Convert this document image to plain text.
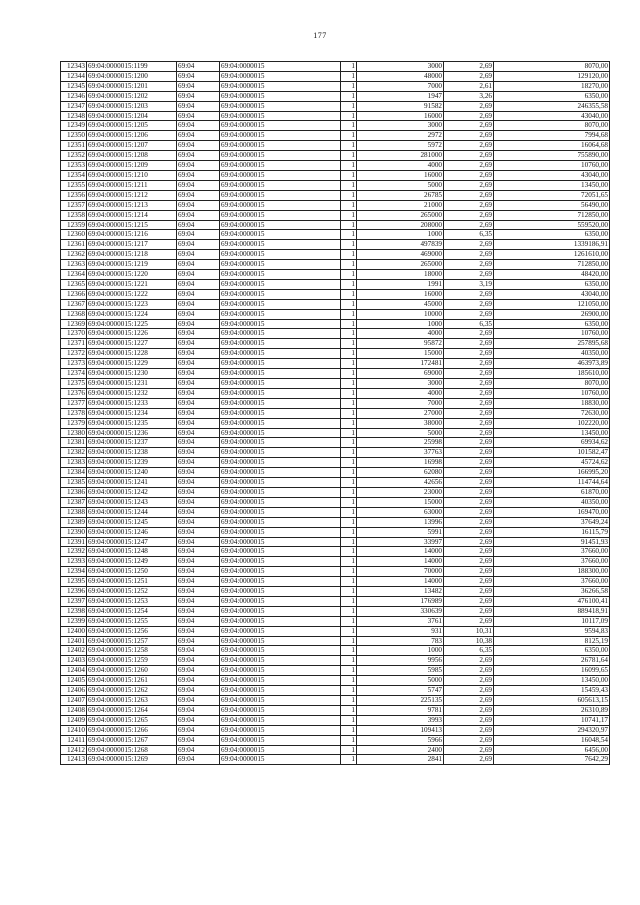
177
12343	69:04:0000015:1199	69:04	69:04:0000015	1	3000	2,69	8070,00
12344	69:04:0000015:1200	69:04	69:04:0000015	1	48000	2,69	129120,00
12345	69:04:0000015:1201	69:04	69:04:0000015	1	7000	2,61	18270,00
12346	69:04:0000015:1202	69:04	69:04:0000015	1	1947	3,26	6350,00
12347	69:04:0000015:1203	69:04	69:04:0000015	1	91582	2,69	246355,58
12348	69:04:0000015:1204	69:04	69:04:0000015	1	16000	2,69	43040,00
12349	69:04:0000015:1205	69:04	69:04:0000015	1	3000	2,69	8070,00
12350	69:04:0000015:1206	69:04	69:04:0000015	1	2972	2,69	7994,68
12351	69:04:0000015:1207	69:04	69:04:0000015	1	5972	2,69	16064,68
12352	69:04:0000015:1208	69:04	69:04:0000015	1	281000	2,69	755890,00
12353	69:04:0000015:1209	69:04	69:04:0000015	1	4000	2,69	10760,00
12354	69:04:0000015:1210	69:04	69:04:0000015	1	16000	2,69	43040,00
12355	69:04:0000015:1211	69:04	69:04:0000015	1	5000	2,69	13450,00
12356	69:04:0000015:1212	69:04	69:04:0000015	1	26785	2,69	72051,65
12357	69:04:0000015:1213	69:04	69:04:0000015	1	21000	2,69	56490,00
12358	69:04:0000015:1214	69:04	69:04:0000015	1	265000	2,69	712850,00
12359	69:04:0000015:1215	69:04	69:04:0000015	1	208000	2,69	559520,00
12360	69:04:0000015:1216	69:04	69:04:0000015	1	1000	6,35	6350,00
12361	69:04:0000015:1217	69:04	69:04:0000015	1	497839	2,69	1339186,91
12362	69:04:0000015:1218	69:04	69:04:0000015	1	469000	2,69	1261610,00
12363	69:04:0000015:1219	69:04	69:04:0000015	1	265000	2,69	712850,00
12364	69:04:0000015:1220	69:04	69:04:0000015	1	18000	2,69	48420,00
12365	69:04:0000015:1221	69:04	69:04:0000015	1	1991	3,19	6350,00
12366	69:04:0000015:1222	69:04	69:04:0000015	1	16000	2,69	43040,00
12367	69:04:0000015:1223	69:04	69:04:0000015	1	45000	2,69	121050,00
12368	69:04:0000015:1224	69:04	69:04:0000015	1	10000	2,69	26900,00
12369	69:04:0000015:1225	69:04	69:04:0000015	1	1000	6,35	6350,00
12370	69:04:0000015:1226	69:04	69:04:0000015	1	4000	2,69	10760,00
12371	69:04:0000015:1227	69:04	69:04:0000015	1	95872	2,69	257895,68
12372	69:04:0000015:1228	69:04	69:04:0000015	1	15000	2,69	40350,00
12373	69:04:0000015:1229	69:04	69:04:0000015	1	172481	2,69	463973,89
12374	69:04:0000015:1230	69:04	69:04:0000015	1	69000	2,69	185610,00
12375	69:04:0000015:1231	69:04	69:04:0000015	1	3000	2,69	8070,00
12376	69:04:0000015:1232	69:04	69:04:0000015	1	4000	2,69	10760,00
12377	69:04:0000015:1233	69:04	69:04:0000015	1	7000	2,69	18830,00
12378	69:04:0000015:1234	69:04	69:04:0000015	1	27000	2,69	72630,00
12379	69:04:0000015:1235	69:04	69:04:0000015	1	38000	2,69	102220,00
12380	69:04:0000015:1236	69:04	69:04:0000015	1	5000	2,69	13450,00
12381	69:04:0000015:1237	69:04	69:04:0000015	1	25998	2,69	69934,62
12382	69:04:0000015:1238	69:04	69:04:0000015	1	37763	2,69	101582,47
12383	69:04:0000015:1239	69:04	69:04:0000015	1	16998	2,69	45724,62
12384	69:04:0000015:1240	69:04	69:04:0000015	1	62080	2,69	166995,20
12385	69:04:0000015:1241	69:04	69:04:0000015	1	42656	2,69	114744,64
12386	69:04:0000015:1242	69:04	69:04:0000015	1	23000	2,69	61870,00
12387	69:04:0000015:1243	69:04	69:04:0000015	1	15000	2,69	40350,00
12388	69:04:0000015:1244	69:04	69:04:0000015	1	63000	2,69	169470,00
12389	69:04:0000015:1245	69:04	69:04:0000015	1	13996	2,69	37649,24
12390	69:04:0000015:1246	69:04	69:04:0000015	1	5991	2,69	16115,79
12391	69:04:0000015:1247	69:04	69:04:0000015	1	33997	2,69	91451,93
12392	69:04:0000015:1248	69:04	69:04:0000015	1	14000	2,69	37660,00
12393	69:04:0000015:1249	69:04	69:04:0000015	1	14000	2,69	37660,00
12394	69:04:0000015:1250	69:04	69:04:0000015	1	70000	2,69	188300,00
12395	69:04:0000015:1251	69:04	69:04:0000015	1	14000	2,69	37660,00
12396	69:04:0000015:1252	69:04	69:04:0000015	1	13482	2,69	36266,58
12397	69:04:0000015:1253	69:04	69:04:0000015	1	176989	2,69	476100,41
12398	69:04:0000015:1254	69:04	69:04:0000015	1	330639	2,69	889418,91
12399	69:04:0000015:1255	69:04	69:04:0000015	1	3761	2,69	10117,09
12400	69:04:0000015:1256	69:04	69:04:0000015	1	931	10,31	9594,83
12401	69:04:0000015:1257	69:04	69:04:0000015	1	783	10,38	8125,19
12402	69:04:0000015:1258	69:04	69:04:0000015	1	1000	6,35	6350,00
12403	69:04:0000015:1259	69:04	69:04:0000015	1	9956	2,69	26781,64
12404	69:04:0000015:1260	69:04	69:04:0000015	1	5985	2,69	16099,65
12405	69:04:0000015:1261	69:04	69:04:0000015	1	5000	2,69	13450,00
12406	69:04:0000015:1262	69:04	69:04:0000015	1	5747	2,69	15459,43
12407	69:04:0000015:1263	69:04	69:04:0000015	1	225135	2,69	605613,15
12408	69:04:0000015:1264	69:04	69:04:0000015	1	9781	2,69	26310,89
12409	69:04:0000015:1265	69:04	69:04:0000015	1	3993	2,69	10741,17
12410	69:04:0000015:1266	69:04	69:04:0000015	1	109413	2,69	294320,97
12411	69:04:0000015:1267	69:04	69:04:0000015	1	5966	2,69	16048,54
12412	69:04:0000015:1268	69:04	69:04:0000015	1	2400	2,69	6456,00
12413	69:04:0000015:1269	69:04	69:04:0000015	1	2841	2,69	7642,29
